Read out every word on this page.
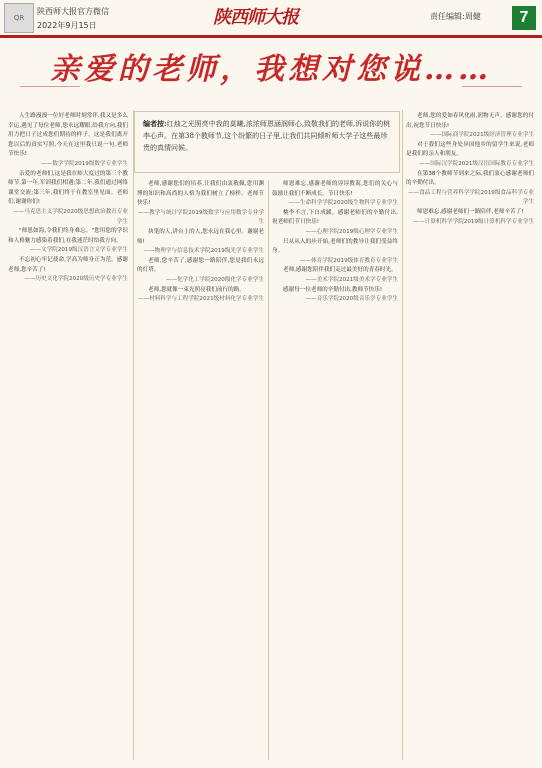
QR
陕西师大报官方微信
2022年9月15日	陕西师大报	责任编辑:周健	7
亲爱的老师，我想对您说……
编者按:红烛之光照亮中我的莫曦,浓浓师恩涵润师心,致敬我们的老师,诉说你的桃李心声。在第38个教师节,这个纷繁的日子里,让我们共同倾听师大学子这些最珍贵的真情问候。

人生路漫漫一位好老师时刻常伴,我又是多么幸运,遇见了每位老师,您永远耀眼,给我方向,我们用力把日子过成您们期待的样子。这是我们离开您以后的真实写照,今天在这里我只说一句,老师节快乐!

——数学学院2019级数学专业学生

亲爱的老师们,这是我在师大度过的第三个教师节,第一年,军训我们相遇;第二年,我们通过网络课堂交流;第三年,我们终于在教室里见面。老师们,谢谢你们!

——马克思主义学院2020级思想政治教育专业学生

"师恩如海,令我们终身难忘。"您用您的学识和人格魅力感染着我们,在我迷茫时给我方向。

——文学院2019级汉语言文学专业学生

不忘初心牢记使命,学高为师身正为范。感谢老师,您辛苦了!

——历史文化学院2020级历史学专业学生

老师,感谢您们的培养,让我们由衷敬佩,您用渊博的知识和高尚的人格为我们树立了榜样。老师节快乐!

——教学与统计学院2019级数学与应用数学专业学生

执笔的人,讲台上的人,您永远在我心里。谢谢老师!

——物理学与信息技术学院2019级光学专业学生

老师,您辛苦了,感谢您一路陪伴,您是我们永远的灯塔。

——化学化工学院2020级化学专业学生

老师,您就像一束光照亮我们前行的路。

——材料科学与工程学院2021级材料化学专业学生

师恩难忘,感谢老师的谆谆教诲,您们的关心与鼓励让我们不断成长。节日快乐!

——生命科学学院2020级生物科学专业学生

桃李不言,下自成蹊。感谢老师们的辛勤付出,祝老师们节日快乐!

——心理学院2019级心理学专业学生

只从从入的步开始,老师们的教导让我们受益终身。

——体育学院2019级体育教育专业学生

老师,感谢您陪伴我们走过最美好的青春时光。

——美术学院2021级美术学专业学生

感谢每一位老师的辛勤付出,教师节快乐!

——音乐学院2020级音乐学专业学生

老师,您的爱如春风化雨,润物无声。感谢您的付出,祝您节日快乐!

——国际商学院2021级经济管理专业学生

对于我们这些身处异国他乡的留学生来说,老师是我们的亲人和朋友。

——国际汉学院2021级汉语国际教育专业学生

在第38个教师节到来之际,我们衷心感谢老师们的辛勤付出。

——食品工程与营养科学学院2019级食品科学专业学生

师恩难忘,感谢老师们一路陪伴,老师辛苦了!

——计算机科学学院2019级计算机科学专业学生
